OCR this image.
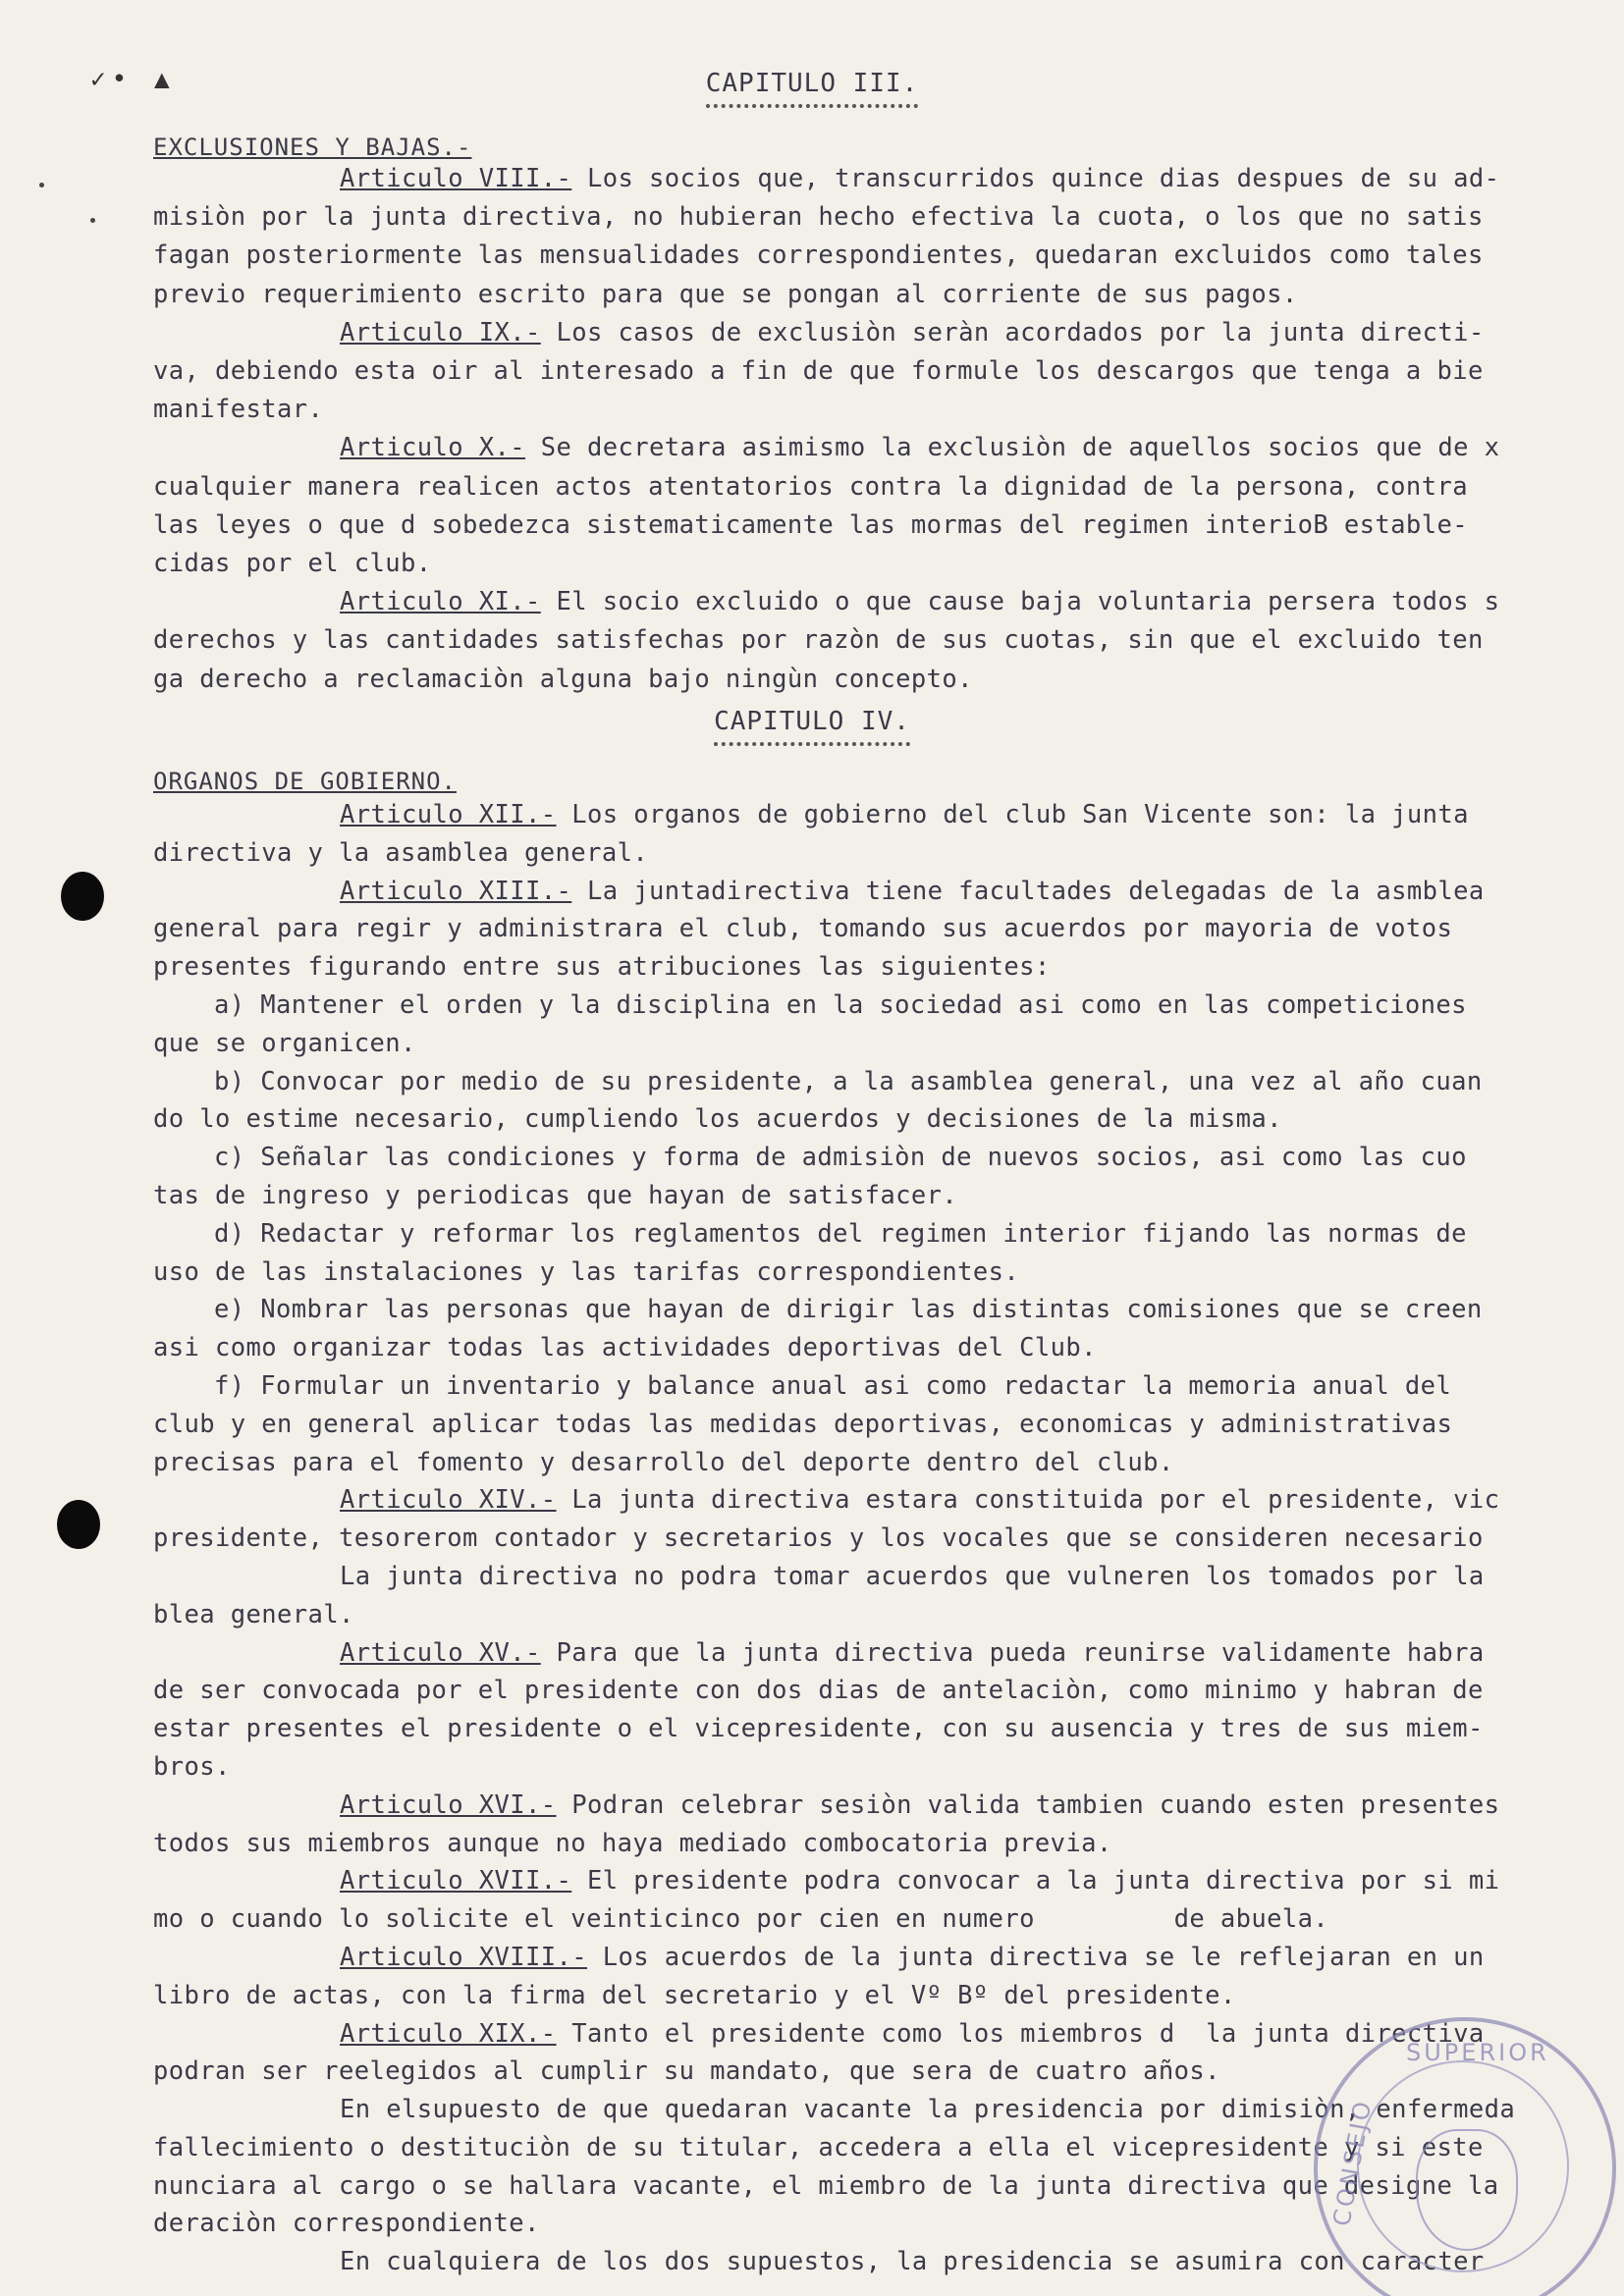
✓• ▲	CAPITULO III.
EXCLUSIONES Y BAJAS.-
Articulo VIII.- Los socios que, transcurridos quince dias despues de su ad-
misiòn por la junta directiva, no hubieran hecho efectiva la cuota, o los que no satis
fagan posteriormente las mensualidades correspondientes, quedaran excluidos como tales
previo requerimiento escrito para que se pongan al corriente de sus pagos.
Articulo IX.- Los casos de exclusiòn seràn acordados por la junta directi-
va, debiendo esta oir al interesado a fin de que formule los descargos que tenga a bie
manifestar.
Articulo X.- Se decretara asimismo la exclusiòn de aquellos socios que de x
cualquier manera realicen actos atentatorios contra la dignidad de la persona, contra
las leyes o que d sobedezca sistematicamente las mormas del regimen interioB estable-
cidas por el club.
Articulo XI.- El socio excluido o que cause baja voluntaria persera todos s
derechos y las cantidades satisfechas por razòn de sus cuotas, sin que el excluido ten
ga derecho a reclamaciòn alguna bajo ningùn concepto.
CAPITULO IV.
ORGANOS DE GOBIERNO.
Articulo XII.- Los organos de gobierno del club San Vicente son: la junta
directiva y la asamblea general.
Articulo XIII.- La juntadirectiva tiene facultades delegadas de la asmblea
general para regir y administrara el club, tomando sus acuerdos por mayoria de votos
presentes figurando entre sus atribuciones las siguientes:
a) Mantener el orden y la disciplina en la sociedad asi como en las competiciones
que se organicen.
b) Convocar por medio de su presidente, a la asamblea general, una vez al año cuan
do lo estime necesario, cumpliendo los acuerdos y decisiones de la misma.
c) Señalar las condiciones y forma de admisiòn de nuevos socios, asi como las cuo
tas de ingreso y periodicas que hayan de satisfacer.
d) Redactar y reformar los reglamentos del regimen interior fijando las normas de
uso de las instalaciones y las tarifas correspondientes.
e) Nombrar las personas que hayan de dirigir las distintas comisiones que se creen
asi como organizar todas las actividades deportivas del Club.
f) Formular un inventario y balance anual asi como redactar la memoria anual del
club y en general aplicar todas las medidas deportivas, economicas y administrativas
precisas para el fomento y desarrollo del deporte dentro del club.
Articulo XIV.- La junta directiva estara constituida por el presidente, vic
presidente, tesorerom contador y secretarios y los vocales que se consideren necesario
La junta directiva no podra tomar acuerdos que vulneren los tomados por la
blea general.
Articulo XV.- Para que la junta directiva pueda reunirse validamente habra
de ser convocada por el presidente con dos dias de antelaciòn, como minimo y habran de
estar presentes el presidente o el vicepresidente, con su ausencia y tres de sus miem-
bros.
Articulo XVI.- Podran celebrar sesiòn valida tambien cuando esten presentes
todos sus miembros aunque no haya mediado combocatoria previa.
Articulo XVII.- El presidente podra convocar a la junta directiva por si mi
mo o cuando lo solicite el veinticinco por cien en numero         de abuela.
Articulo XVIII.- Los acuerdos de la junta directiva se le reflejaran en un
libro de actas, con la firma del secretario y el Vº Bº del presidente.
Articulo XIX.- Tanto el presidente como los miembros d  la junta directiva
podran ser reelegidos al cumplir su mandato, que sera de cuatro años.
En elsupuesto de que quedaran vacante la presidencia por dimisiòn, enfermeda
fallecimiento o destituciòn de su titular, accedera a ella el vicepresidente y si este
nunciara al cargo o se hallara vacante, el miembro de la junta directiva que designe la
deraciòn correspondiente.
En cualquiera de los dos supuestos, la presidencia se asumira con caracter
SUPERIOR
CONSEJO
